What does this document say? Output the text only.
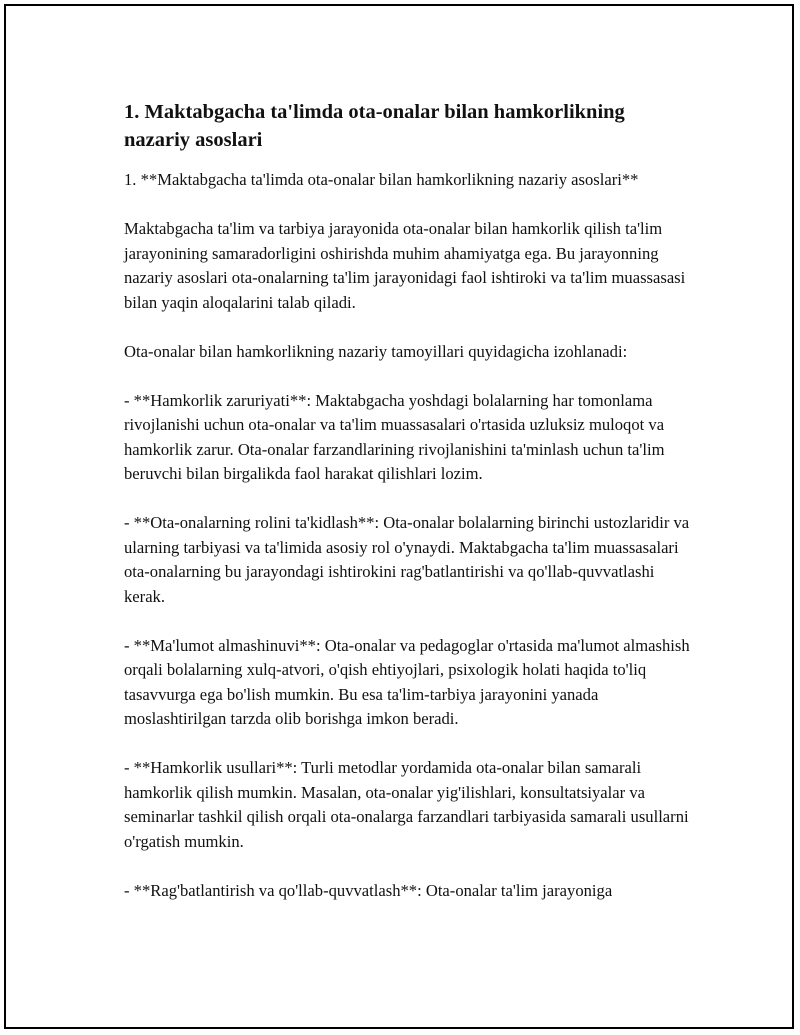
1. Maktabgacha ta'limda ota-onalar bilan hamkorlikning nazariy asoslari

1. **Maktabgacha ta'limda ota-onalar bilan hamkorlikning nazariy asoslari**

Maktabgacha ta'lim va tarbiya jarayonida ota-onalar bilan hamkorlik qilish ta'lim jarayonining samaradorligini oshirishda muhim ahamiyatga ega. Bu jarayonning nazariy asoslari ota-onalarning ta'lim jarayonidagi faol ishtiroki va ta'lim muassasasi bilan yaqin aloqalarini talab qiladi.

Ota-onalar bilan hamkorlikning nazariy tamoyillari quyidagicha izohlanadi:

- **Hamkorlik zaruriyati**: Maktabgacha yoshdagi bolalarning har tomonlama rivojlanishi uchun ota-onalar va ta'lim muassasalari o'rtasida uzluksiz muloqot va hamkorlik zarur. Ota-onalar farzandlarining rivojlanishini ta'minlash uchun ta'lim beruvchi bilan birgalikda faol harakat qilishlari lozim.

- **Ota-onalarning rolini ta'kidlash**: Ota-onalar bolalarning birinchi ustozlaridir va ularning tarbiyasi va ta'limida asosiy rol o'ynaydi. Maktabgacha ta'lim muassasalari ota-onalarning bu jarayondagi ishtirokini rag'batlantirishi va qo'llab-quvvatlashi kerak.

- **Ma'lumot almashinuvi**: Ota-onalar va pedagoglar o'rtasida ma'lumot almashish orqali bolalarning xulq-atvori, o'qish ehtiyojlari, psixologik holati haqida to'liq tasavvurga ega bo'lish mumkin. Bu esa ta'lim-tarbiya jarayonini yanada moslashtirilgan tarzda olib borishga imkon beradi.

- **Hamkorlik usullari**: Turli metodlar yordamida ota-onalar bilan samarali hamkorlik qilish mumkin. Masalan, ota-onalar yig'ilishlari, konsultatsiyalar va seminarlar tashkil qilish orqali ota-onalarga farzandlari tarbiyasida samarali usullarni o'rgatish mumkin.

- **Rag'batlantirish va qo'llab-quvvatlash**: Ota-onalar ta'lim jarayoniga
